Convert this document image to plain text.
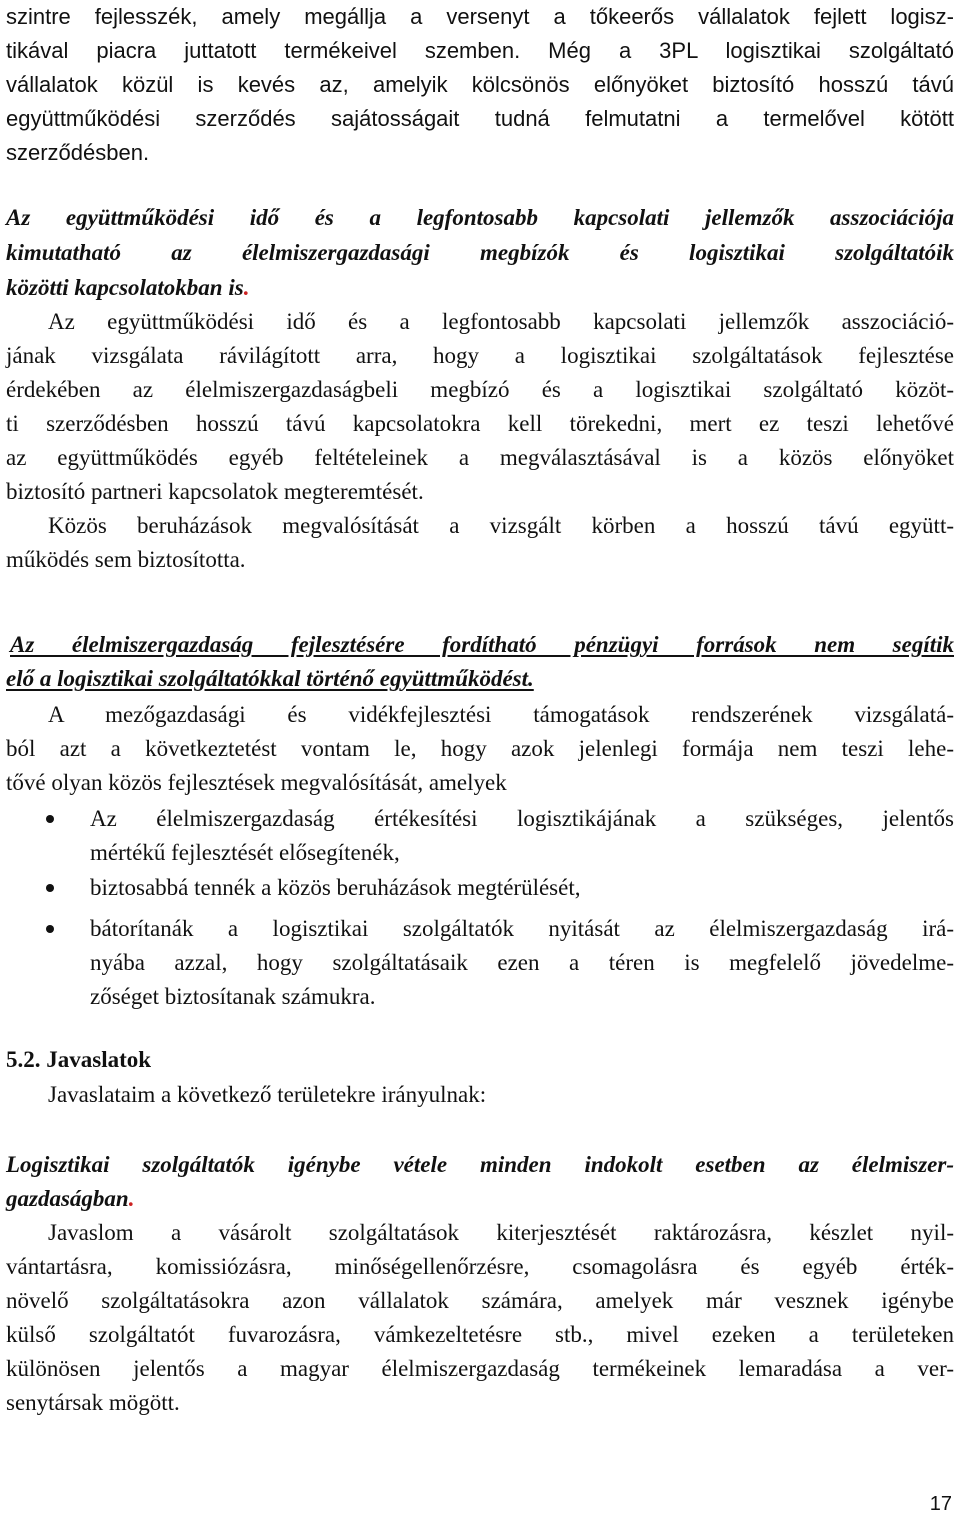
szintre fejlesszék, amely megállja a versenyt a tőkeerős vállalatok fejlett logisz-
tikával piacra juttatott termékeivel szemben. Még a 3PL logisztikai szolgáltató
vállalatok közül is kevés az, amelyik kölcsönös előnyöket biztosító hosszú távú
együttműködési szerződés sajátosságait tudná felmutatni a termelővel kötött
szerződésben.
Az együttműködési idő és a legfontosabb kapcsolati jellemzők asszociációja
kimutatható az élelmiszergazdasági megbízók és logisztikai szolgáltatóik
közötti kapcsolatokban is.
Az együttműködési idő és a legfontosabb kapcsolati jellemzők asszociáció-
jának vizsgálata rávilágított arra, hogy a logisztikai szolgáltatások fejlesztése
érdekében az élelmiszergazdaságbeli megbízó és a logisztikai szolgáltató közöt-
ti szerződésben hosszú távú kapcsolatokra kell törekedni, mert ez teszi lehetővé
az együttműködés egyéb feltételeinek a megválasztásával is a közös előnyöket
biztosító partneri kapcsolatok megteremtését.
Közös beruházások megvalósítását a vizsgált körben a hosszú távú együtt-
működés sem biztosította.
Az élelmiszergazdaság fejlesztésére fordítható pénzügyi források nem segítik
elő a logisztikai szolgáltatókkal történő együttműködést.
A mezőgazdasági és vidékfejlesztési támogatások rendszerének vizsgálatá-
ból azt a következtetést vontam le, hogy azok jelenlegi formája nem teszi lehe-
tővé olyan közös fejlesztések megvalósítását, amelyek
Az élelmiszergazdaság értékesítési logisztikájának a szükséges, jelentős
mértékű fejlesztését elősegítenék,
biztosabbá tennék a közös beruházások megtérülését,
bátorítanák a logisztikai szolgáltatók nyitását az élelmiszergazdaság irá-
nyába azzal, hogy szolgáltatásaik ezen a téren is megfelelő jövedelme-
zőséget biztosítanak számukra.
5.2. Javaslatok
Javaslataim a következő területekre irányulnak:
Logisztikai szolgáltatók igénybe vétele minden indokolt esetben az élelmiszer-
gazdaságban.
Javaslom a vásárolt szolgáltatások kiterjesztését raktározásra, készlet nyil-
vántartásra, komissiózásra, minőségellenőrzésre, csomagolásra és egyéb érték-
növelő szolgáltatásokra azon vállalatok számára, amelyek már vesznek igénybe
külső szolgáltatót fuvarozásra, vámkezeltetésre stb., mivel ezeken a területeken
különösen jelentős a magyar élelmiszergazdaság termékeinek lemaradása a ver-
senytársak mögött.
17
